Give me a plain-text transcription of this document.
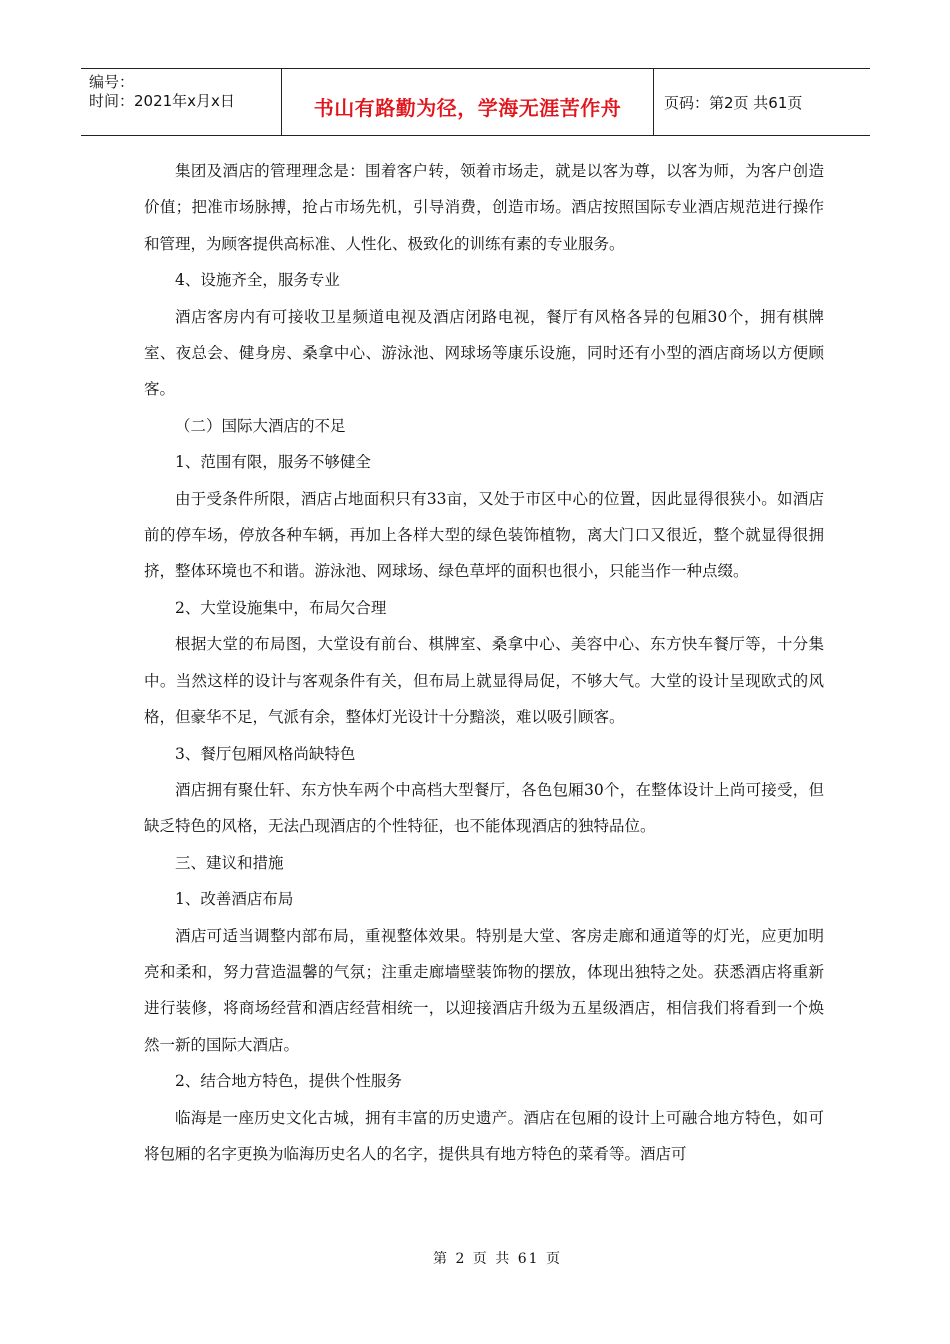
编号：
时间：2021年x月x日	书山有路勤为径，学海无涯苦作舟	页码：第2页 共61页

集团及酒店的管理理念是：围着客户转，领着市场走，就是以客为尊，以客为师，为客户创造价值；把准市场脉搏，抢占市场先机，引导消费，创造市场。酒店按照国际专业酒店规范进行操作和管理，为顾客提供高标准、人性化、极致化的训练有素的专业服务。

4、设施齐全，服务专业

酒店客房内有可接收卫星频道电视及酒店闭路电视，餐厅有风格各异的包厢30个，拥有棋牌室、夜总会、健身房、桑拿中心、游泳池、网球场等康乐设施，同时还有小型的酒店商场以方便顾客。

（二）国际大酒店的不足

1、范围有限，服务不够健全

由于受条件所限，酒店占地面积只有33亩，又处于市区中心的位置，因此显得很狭小。如酒店前的停车场，停放各种车辆，再加上各样大型的绿色装饰植物，离大门口又很近，整个就显得很拥挤，整体环境也不和谐。游泳池、网球场、绿色草坪的面积也很小，只能当作一种点缀。

2、大堂设施集中，布局欠合理

根据大堂的布局图，大堂设有前台、棋牌室、桑拿中心、美容中心、东方快车餐厅等，十分集中。当然这样的设计与客观条件有关，但布局上就显得局促，不够大气。大堂的设计呈现欧式的风格，但豪华不足，气派有余，整体灯光设计十分黯淡，难以吸引顾客。

3、餐厅包厢风格尚缺特色

酒店拥有聚仕轩、东方快车两个中高档大型餐厅，各色包厢30个，在整体设计上尚可接受，但缺乏特色的风格，无法凸现酒店的个性特征，也不能体现酒店的独特品位。

三、建议和措施

1、改善酒店布局

酒店可适当调整内部布局，重视整体效果。特别是大堂、客房走廊和通道等的灯光，应更加明亮和柔和，努力营造温馨的气氛；注重走廊墙壁装饰物的摆放，体现出独特之处。获悉酒店将重新进行装修，将商场经营和酒店经营相统一，以迎接酒店升级为五星级酒店，相信我们将看到一个焕然一新的国际大酒店。

2、结合地方特色，提供个性服务

临海是一座历史文化古城，拥有丰富的历史遗产。酒店在包厢的设计上可融合地方特色，如可将包厢的名字更换为临海历史名人的名字，提供具有地方特色的菜肴等。酒店可

第 2 页 共 61 页
